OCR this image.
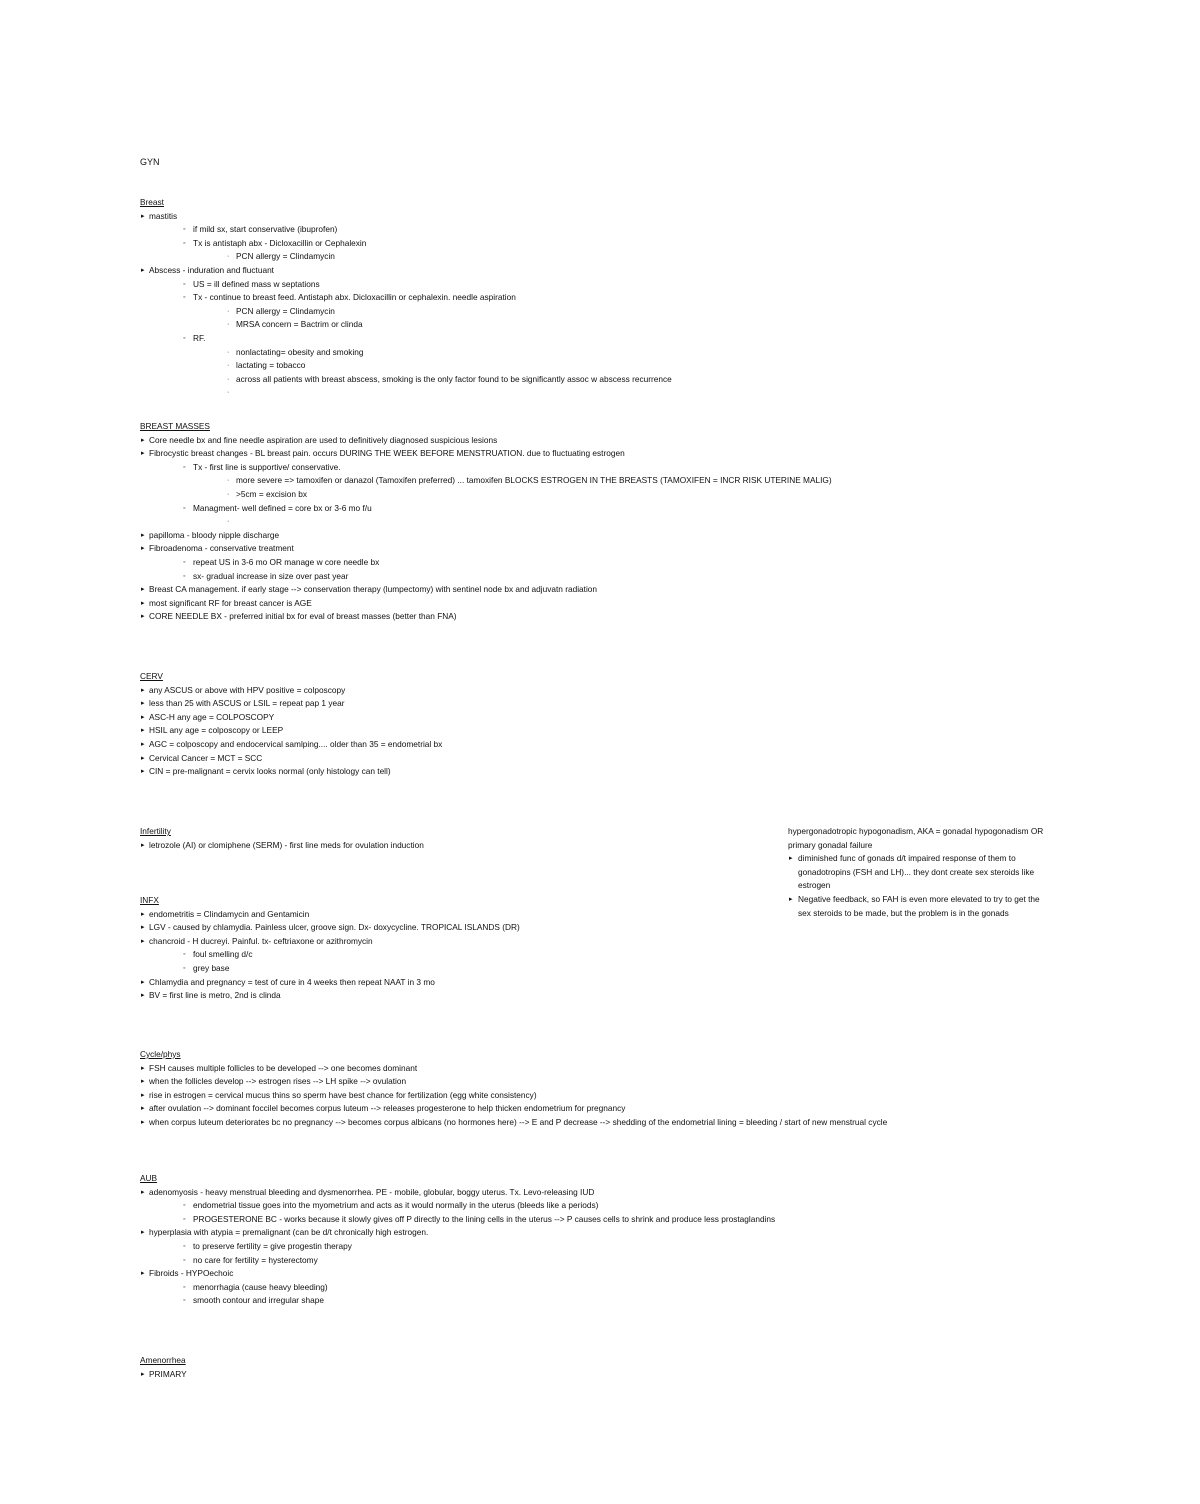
GYN
Breast
▸ mastitis
◦ if mild sx, start conservative (ibuprofen)
◦ Tx is antistaph abx - Dicloxacillin or Cephalexin
· PCN allergy = Clindamycin
▸ Abscess - induration and fluctuant
◦ US = ill defined mass w septations
◦ Tx - continue to breast feed. Antistaph abx. Dicloxacillin or cephalexin. needle aspiration
· PCN allergy = Clindamycin
· MRSA concern = Bactrim or clinda
◦ RF.
· nonlactating= obesity and smoking
· lactating = tobacco
· across all patients with breast abscess, smoking is the only factor found to be significantly assoc w abscess recurrence
·
BREAST MASSES
▸ Core needle bx and fine needle aspiration are used to definitively diagnosed suspicious lesions
▸ Fibrocystic breast changes - BL breast pain. occurs DURING THE WEEK BEFORE MENSTRUATION. due to fluctuating estrogen
◦ Tx - first line is supportive/ conservative.
· more severe => tamoxifen or danazol (Tamoxifen preferred) ... tamoxifen BLOCKS ESTROGEN IN THE BREASTS (TAMOXIFEN = INCR RISK UTERINE MALIG)
· >5cm = excision bx
◦ Managment- well defined = core bx or 3-6 mo f/u
·
▸ papilloma - bloody nipple discharge
▸ Fibroadenoma - conservative treatment
◦ repeat US in 3-6 mo OR manage w core needle bx
◦ sx- gradual increase in size over past year
▸ Breast CA management. if early stage --> conservation therapy (lumpectomy) with sentinel node bx and adjuvatn radiation
▸ most significant RF for breast cancer is AGE
▸ CORE NEEDLE BX - preferred initial bx for eval of breast masses (better than FNA)
CERV
▸ any ASCUS or above with HPV positive = colposcopy
▸ less than 25 with ASCUS or LSIL = repeat pap 1 year
▸ ASC-H any age = COLPOSCOPY
▸ HSIL any age = colposcopy or LEEP
▸ AGC = colposcopy and endocervical samlping.... older than 35 = endometrial bx
▸ Cervical Cancer = MCT = SCC
▸ CIN = pre-malignant = cervix looks normal (only histology can tell)
Infertility
▸ letrozole (AI) or clomiphene (SERM) - first line meds for ovulation induction
INFX
▸ endometritis = Clindamycin and Gentamicin
▸ LGV - caused by chlamydia. Painless ulcer, groove sign. Dx- doxycycline. TROPICAL ISLANDS (DR)
▸ chancroid - H ducreyi. Painful. tx- ceftriaxone or azithromycin
◦ foul smelling d/c
◦ grey base
▸ Chlamydia and pregnancy = test of cure in 4 weeks then repeat NAAT in 3 mo
▸ BV = first line is metro, 2nd is clinda
Cycle/phys
▸ FSH causes multiple follicles to be developed --> one becomes dominant
▸ when the follicles develop --> estrogen rises --> LH spike --> ovulation
▸ rise in estrogen = cervical mucus thins so sperm have best chance for fertilization (egg white consistency)
▸ after ovulation --> dominant foccilel becomes corpus luteum --> releases progesterone to help thicken endometrium for pregnancy
▸ when corpus luteum deteriorates bc no pregnancy --> becomes corpus albicans (no hormones here) --> E and P decrease --> shedding of the endometrial lining = bleeding / start of new menstrual cycle
AUB
▸ adenomyosis - heavy menstrual bleeding and dysmenorrhea. PE - mobile, globular, boggy uterus. Tx. Levo-releasing IUD
◦ endometrial tissue goes into the myometrium and acts as it would normally in the uterus (bleeds like a periods)
◦ PROGESTERONE BC - works because it slowly gives off P directly to the lining cells in the uterus --> P causes cells to shrink and produce less prostaglandins
▸ hyperplasia with atypia = premalignant (can be d/t chronically high estrogen.
◦ to preserve fertility = give progestin therapy
◦ no care for fertility = hysterectomy
▸ Fibroids - HYPOechoic
◦ menorrhagia (cause heavy bleeding)
◦ smooth contour and irregular shape
Amenorrhea
▸ PRIMARY
hypergonadotropic hypogonadism, AKA = gonadal hypogonadism OR primary gonadal failure
▸ diminished func of gonads d/t impaired response of them to gonadotropins (FSH and LH)... they dont create sex steroids like estrogen
▸ Negative feedback, so FAH is even more elevated to try to get the sex steroids to be made, but the problem is in the gonads
